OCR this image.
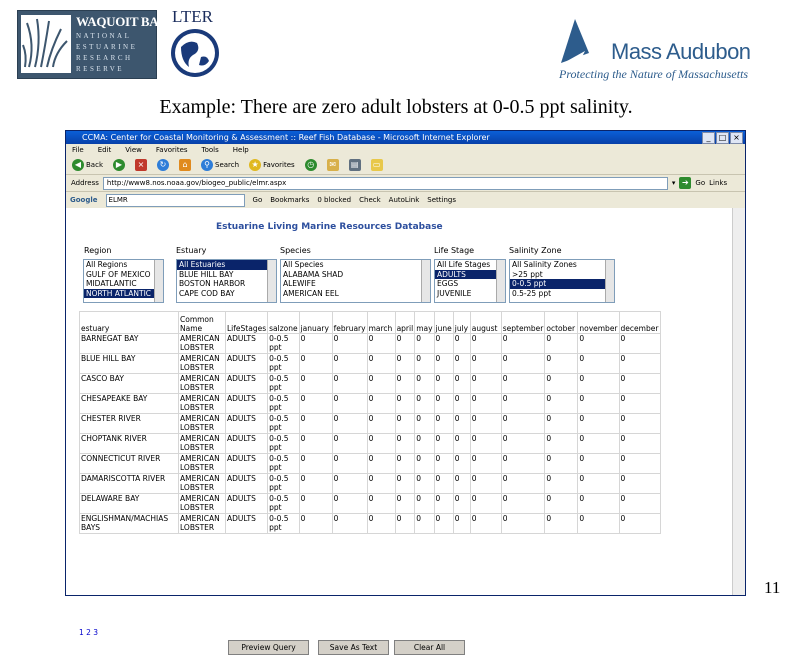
WAQUOIT BAY
NATIONAL
ESTUARINE
RESEARCH
RESERVE
LTER
Mass Audubon
Protecting the Nature of Massachusetts
Example: There are zero adult lobsters at 0-0.5 ppt salinity.
CCMA: Center for Coastal Monitoring & Assessment :: Reef Fish Database - Microsoft Internet Explorer	_	□ ×
File Edit View Favorites Tools Help
◀ Back	▶	×	↻	⌂	⚲ Search	★ Favorites	◷	✉	▤ ▭
Address	http://www8.nos.noaa.gov/biogeo_public/elmr.aspx	▾ ➔ Go Links
Google	ELMR	Go Bookmarks 0 blocked Check AutoLink Settings
Estuarine Living Marine Resources Database
Region	Estuary	Species	Life Stage	Salinity Zone
All Regions
GULF OF MEXICO
MIDATLANTIC
NORTH ATLANTIC
All Estuaries
BLUE HILL BAY
BOSTON HARBOR
CAPE COD BAY
All Species
ALABAMA SHAD
ALEWIFE
AMERICAN EEL
All Life Stages
ADULTS
EGGS
JUVENILE
All Salinity Zones
>25 ppt
0-0.5 ppt
0.5-25 ppt
estuary	Common Name	LifeStages	salzone	january	february	march	april	may	june	july	august	september	october	november	december
BARNEGAT BAY	AMERICAN LOBSTER	ADULTS	0-0.5 ppt	0	0	0	0	0	0	0	0	0	0	0	0
BLUE HILL BAY	AMERICAN LOBSTER	ADULTS	0-0.5 ppt	0	0	0	0	0	0	0	0	0	0	0	0
CASCO BAY	AMERICAN LOBSTER	ADULTS	0-0.5 ppt	0	0	0	0	0	0	0	0	0	0	0	0
CHESAPEAKE BAY	AMERICAN LOBSTER	ADULTS	0-0.5 ppt	0	0	0	0	0	0	0	0	0	0	0	0
CHESTER RIVER	AMERICAN LOBSTER	ADULTS	0-0.5 ppt	0	0	0	0	0	0	0	0	0	0	0	0
CHOPTANK RIVER	AMERICAN LOBSTER	ADULTS	0-0.5 ppt	0	0	0	0	0	0	0	0	0	0	0	0
CONNECTICUT RIVER	AMERICAN LOBSTER	ADULTS	0-0.5 ppt	0	0	0	0	0	0	0	0	0	0	0	0
DAMARISCOTTA RIVER	AMERICAN LOBSTER	ADULTS	0-0.5 ppt	0	0	0	0	0	0	0	0	0	0	0	0
DELAWARE BAY	AMERICAN LOBSTER	ADULTS	0-0.5 ppt	0	0	0	0	0	0	0	0	0	0	0	0
ENGLISHMAN/MACHIAS BAYS	AMERICAN LOBSTER	ADULTS	0-0.5 ppt	0	0	0	0	0	0	0	0	0	0	0	0
1 2 3
Preview Query	Save As Text	Clear All
11
